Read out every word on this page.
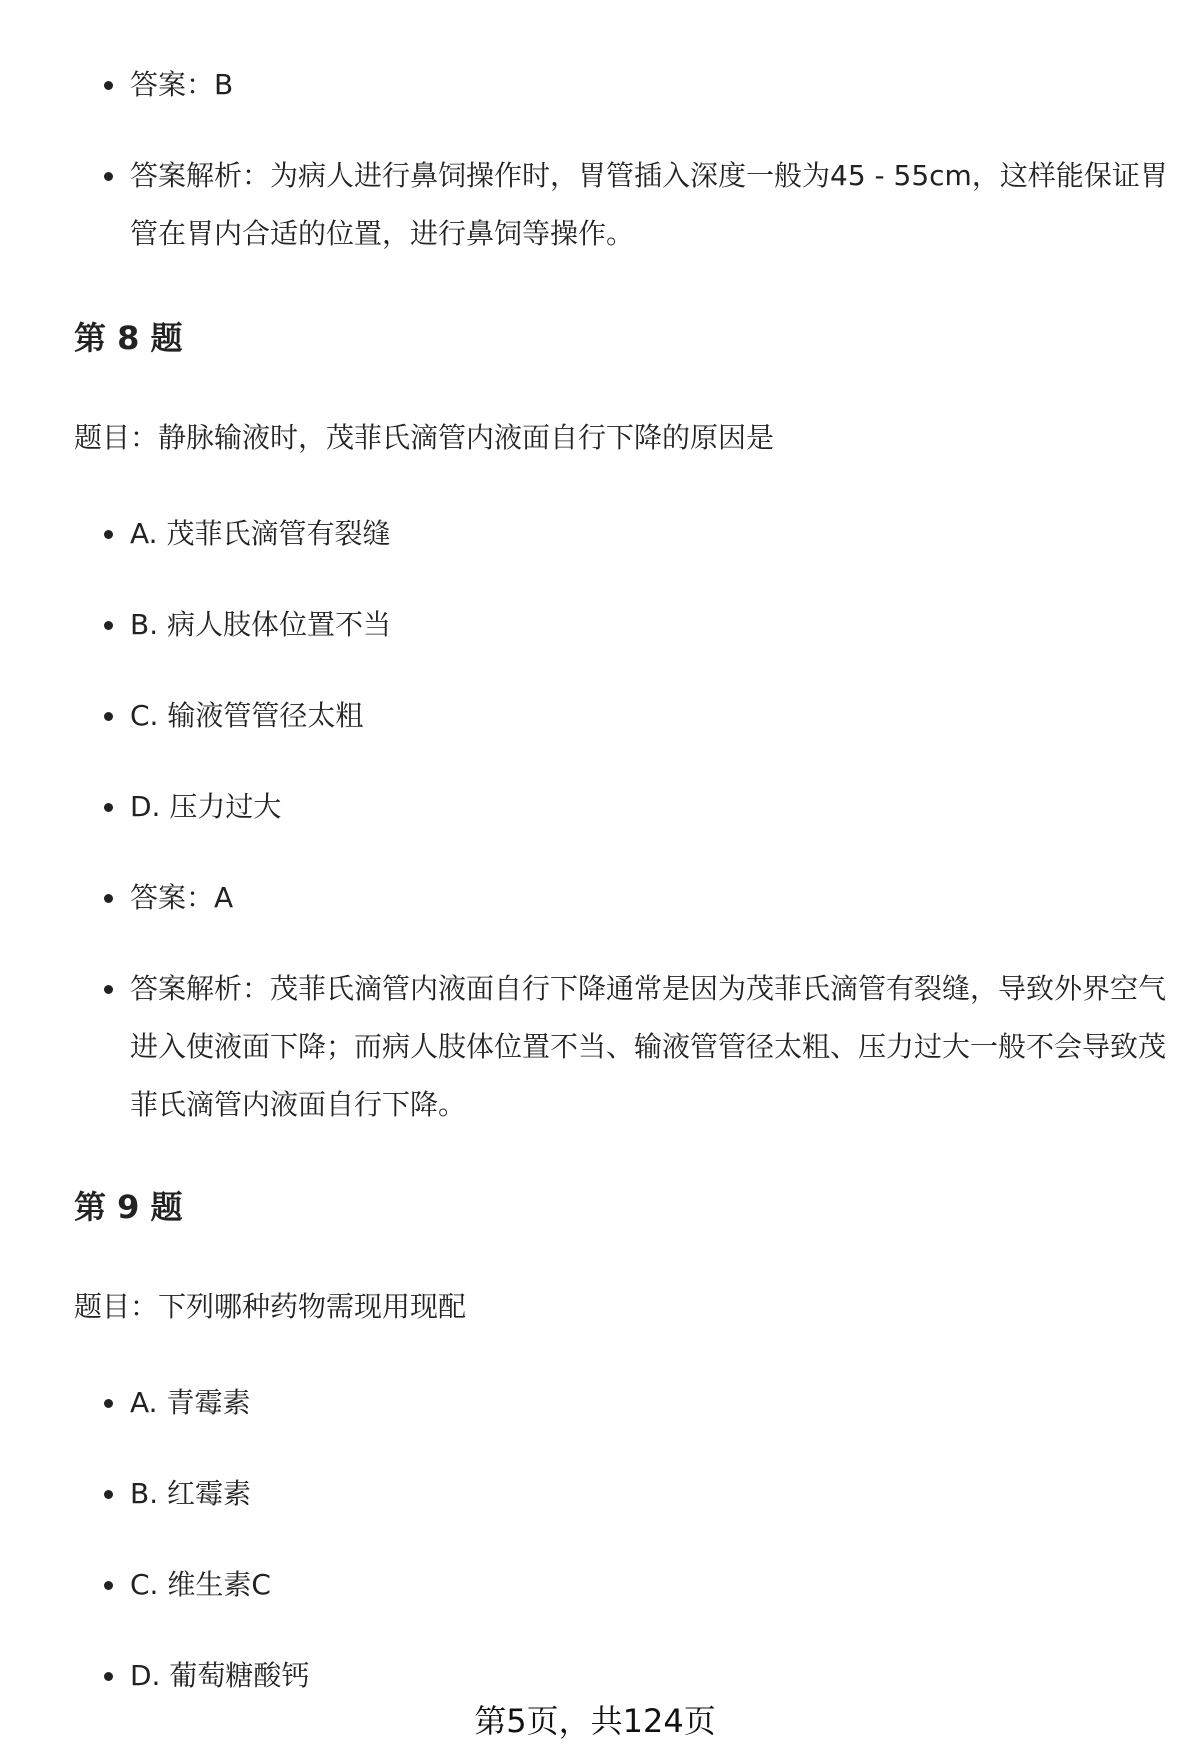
答案：B
答案解析：为病人进行鼻饲操作时，胃管插入深度一般为45 - 55cm，这样能保证胃管在胃内合适的位置，进行鼻饲等操作。
第 8 题
题目：静脉输液时，茂菲氏滴管内液面自行下降的原因是
A. 茂菲氏滴管有裂缝
B. 病人肢体位置不当
C. 输液管管径太粗
D. 压力过大
答案：A
答案解析：茂菲氏滴管内液面自行下降通常是因为茂菲氏滴管有裂缝，导致外界空气进入使液面下降；而病人肢体位置不当、输液管管径太粗、压力过大一般不会导致茂菲氏滴管内液面自行下降。
第 9 题
题目：下列哪种药物需现用现配
A. 青霉素
B. 红霉素
C. 维生素C
D. 葡萄糖酸钙
第5页，共124页
